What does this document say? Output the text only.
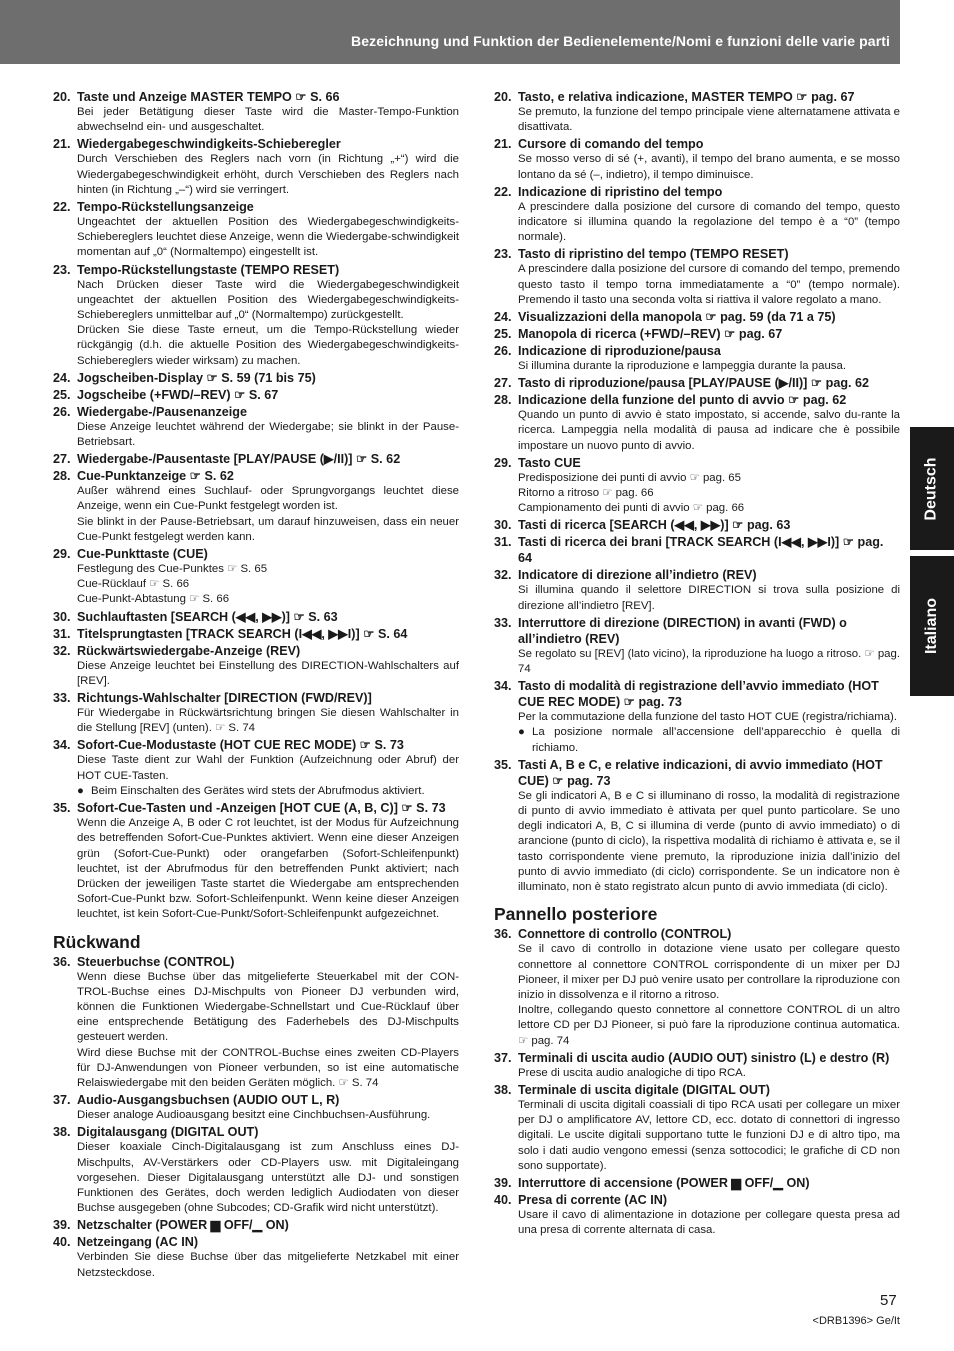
Bezeichnung und Funktion der Bedienelemente/Nomi e funzioni delle varie parti
20. Taste und Anzeige MASTER TEMPO ☞ S. 66

Bei jeder Betätigung dieser Taste wird die Master-Tempo-Funktion abwechselnd ein- und ausgeschaltet.

21. Wiedergabegeschwindigkeits-Schieberegler

Durch Verschieben des Reglers nach vorn (in Richtung „+“) wird die Wiedergabegeschwindigkeit erhöht, durch Verschieben des Reglers nach hinten (in Richtung „–“) wird sie verringert.

22. Tempo-Rückstellungsanzeige

Ungeachtet der aktuellen Position des Wiedergabegeschwindigkeits-Schiebereglers leuchtet diese Anzeige, wenn die Wiedergabe-schwindigkeit momentan auf „0“ (Normaltempo) eingestellt ist.

23. Tempo-Rückstellungstaste (TEMPO RESET)

Nach Drücken dieser Taste wird die Wiedergabegeschwindigkeit ungeachtet der aktuellen Position des Wiedergabegeschwindigkeits-Schiebereglers unmittelbar auf „0“ (Normaltempo) zurückgestellt.

Drücken Sie diese Taste erneut, um die Tempo-Rückstellung wieder rückgängig (d.h. die aktuelle Position des Wiedergabegeschwindigkeits-Schiebereglers wieder wirksam) zu machen.

24. Jogscheiben-Display ☞ S. 59 (71 bis 75)
25. Jogscheibe (+FWD/–REV) ☞ S. 67
26. Wiedergabe-/Pausenanzeige

Diese Anzeige leuchtet während der Wiedergabe; sie blinkt in der Pause-Betriebsart.

27. Wiedergabe-/Pausentaste [PLAY/PAUSE (▶/II)] ☞ S. 62
28. Cue-Punktanzeige ☞ S. 62

Außer während eines Suchlauf- oder Sprungvorgangs leuchtet diese Anzeige, wenn ein Cue-Punkt festgelegt worden ist.

Sie blinkt in der Pause-Betriebsart, um darauf hinzuweisen, dass ein neuer Cue-Punkt festgelegt werden kann.

29. Cue-Punkttaste (CUE)

Festlegung des Cue-Punktes ☞ S. 65

Cue-Rücklauf ☞ S. 66

Cue-Punkt-Abtastung ☞ S. 66

30. Suchlauftasten [SEARCH (◀◀, ▶▶)] ☞ S. 63
31. Titelsprungtasten [TRACK SEARCH (I◀◀, ▶▶I)] ☞ S. 64
32. Rückwärtswiedergabe-Anzeige (REV)

Diese Anzeige leuchtet bei Einstellung des DIRECTION-Wahlschalters auf [REV].

33. Richtungs-Wahlschalter [DIRECTION (FWD/REV)]

Für Wiedergabe in Rückwärtsrichtung bringen Sie diesen Wahlschalter in die Stellung [REV] (unten). ☞ S. 74

34. Sofort-Cue-Modustaste (HOT CUE REC MODE) ☞ S. 73

Diese Taste dient zur Wahl der Funktion (Aufzeichnung oder Abruf) der HOT CUE-Tasten.

● Beim Einschalten des Gerätes wird stets der Abrufmodus aktiviert.
35. Sofort-Cue-Tasten und -Anzeigen [HOT CUE (A, B, C)] ☞ S. 73

Wenn die Anzeige A, B oder C rot leuchtet, ist der Modus für Aufzeichnung des betreffenden Sofort-Cue-Punktes aktiviert. Wenn eine dieser Anzeigen grün (Sofort-Cue-Punkt) oder orangefarben (Sofort-Schleifenpunkt) leuchtet, ist der Abrufmodus für den betreffenden Punkt aktiviert; nach Drücken der jeweiligen Taste startet die Wiedergabe am entsprechenden Sofort-Cue-Punkt bzw. Sofort-Schleifenpunkt. Wenn keine dieser Anzeigen leuchtet, ist kein Sofort-Cue-Punkt/Sofort-Schleifenpunkt aufgezeichnet.

Rückwand
36. Steuerbuchse (CONTROL)

Wenn diese Buchse über das mitgelieferte Steuerkabel mit der CON-TROL-Buchse eines DJ-Mischpults von Pioneer DJ verbunden wird, können die Funktionen Wiedergabe-Schnellstart und Cue-Rücklauf über eine entsprechende Betätigung des Faderhebels des DJ-Mischpults gesteuert werden.

Wird diese Buchse mit der CONTROL-Buchse eines zweiten CD-Players für DJ-Anwendungen von Pioneer verbunden, so ist eine automatische Relaiswiedergabe mit den beiden Geräten möglich. ☞ S. 74

37. Audio-Ausgangsbuchsen (AUDIO OUT L, R)

Dieser analoge Audioausgang besitzt eine Cinchbuchsen-Ausführung.

38. Digitalausgang (DIGITAL OUT)

Dieser koaxiale Cinch-Digitalausgang ist zum Anschluss eines DJ-Mischpults, AV-Verstärkers oder CD-Players usw. mit Digitaleingang vorgesehen. Dieser Digitalausgang unterstützt alle DJ- und sonstigen Funktionen des Gerätes, doch werden lediglich Audiodaten von dieser Buchse ausgegeben (ohne Subcodes; CD-Grafik wird nicht unterstützt).

39. Netzschalter (POWER ▆ OFF/▁ ON)
40. Netzeingang (AC IN)

Verbinden Sie diese Buchse über das mitgelieferte Netzkabel mit einer Netzsteckdose.

20. Tasto, e relativa indicazione, MASTER TEMPO ☞ pag. 67

Se premuto, la funzione del tempo principale viene alternatamene attivata e disattivata.

21. Cursore di comando del tempo

Se mosso verso di sé (+, avanti), il tempo del brano aumenta, e se mosso lontano da sé (–, indietro), il tempo diminuisce.

22. Indicazione di ripristino del tempo

A prescindere dalla posizione del cursore di comando del tempo, questo indicatore si illumina quando la regolazione del tempo è a “0” (tempo normale).

23. Tasto di ripristino del tempo (TEMPO RESET)

A prescindere dalla posizione del cursore di comando del tempo, premendo questo tasto il tempo torna immediatamente a “0” (tempo normale). Premendo il tasto una seconda volta si riattiva il valore regolato a mano.

24. Visualizzazioni della manopola ☞ pag. 59 (da 71 a 75)
25. Manopola di ricerca (+FWD/–REV) ☞ pag. 67
26. Indicazione di riproduzione/pausa

Si illumina durante la riproduzione e lampeggia durante la pausa.

27. Tasto di riproduzione/pausa [PLAY/PAUSE (▶/II)] ☞ pag. 62
28. Indicazione della funzione del punto di avvio ☞ pag. 62

Quando un punto di avvio è stato impostato, si accende, salvo du-rante la ricerca. Lampeggia nella modalità di pausa ad indicare che è possibile impostare un nuovo punto di avvio.

29. Tasto CUE

Predisposizione dei punti di avvio ☞ pag. 65

Ritorno a ritroso ☞ pag. 66

Campionamento dei punti di avvio ☞ pag. 66

30. Tasti di ricerca [SEARCH (◀◀, ▶▶)] ☞ pag. 63
31. Tasti di ricerca dei brani [TRACK SEARCH (I◀◀, ▶▶I)] ☞ pag. 64
32. Indicatore di direzione all’indietro (REV)

Si illumina quando il selettore DIRECTION si trova sulla posizione di direzione all’indietro [REV].

33. Interruttore di direzione (DIRECTION) in avanti (FWD) o all’indietro (REV)

Se regolato su [REV] (lato vicino), la riproduzione ha luogo a ritroso. ☞ pag. 74

34. Tasto di modalità di registrazione dell’avvio immediato (HOT CUE REC MODE) ☞ pag. 73

Per la commutazione della funzione del tasto HOT CUE (registra/richiama).

● La posizione normale all’accensione dell’apparecchio è quella di richiamo.
35. Tasti A, B e C, e relative indicazioni, di avvio immediato (HOT CUE) ☞ pag. 73

Se gli indicatori A, B e C si illuminano di rosso, la modalità di registrazione di punto di avvio immediato è attivata per quel punto particolare. Se uno degli indicatori A, B, C si illumina di verde (punto di avvio immediato) o di arancione (punto di ciclo), la rispettiva modalità di richiamo è attivata e, se il tasto corrispondente viene premuto, la riproduzione inizia dall’inizio del punto di avvio immediato (di ciclo) corrispondente. Se un indicatore non è illuminato, non è stato registrato alcun punto di avvio immediata (di ciclo).

Pannello posteriore
36. Connettore di controllo (CONTROL)

Se il cavo di controllo in dotazione viene usato per collegare questo connettore al connettore CONTROL corrispondente di un mixer per DJ Pioneer, il mixer per DJ può venire usato per controllare la riproduzione con inizio in dissolvenza e il ritorno a ritroso.

Inoltre, collegando questo connettore al connettore CONTROL di un altro lettore CD per DJ Pioneer, si può fare la riproduzione continua automatica. ☞ pag. 74

37. Terminali di uscita audio (AUDIO OUT) sinistro (L) e destro (R)

Prese di uscita audio analogiche di tipo RCA.

38. Terminale di uscita digitale (DIGITAL OUT)

Terminali di uscita digitali coassiali di tipo RCA usati per collegare un mixer per DJ o amplificatore AV, lettore CD, ecc. dotato di connettori di ingresso digitali. Le uscite digitali supportano tutte le funzioni DJ e di altro tipo, ma solo i dati audio vengono emessi (senza sottocodici; le grafiche di CD non sono supportate).

39. Interruttore di accensione (POWER ▆ OFF/▁ ON)
40. Presa di corrente (AC IN)

Usare il cavo di alimentazione in dotazione per collegare questa presa ad una presa di corrente alternata di casa.

Deutsch
Italiano
57
<DRB1396> Ge/It
